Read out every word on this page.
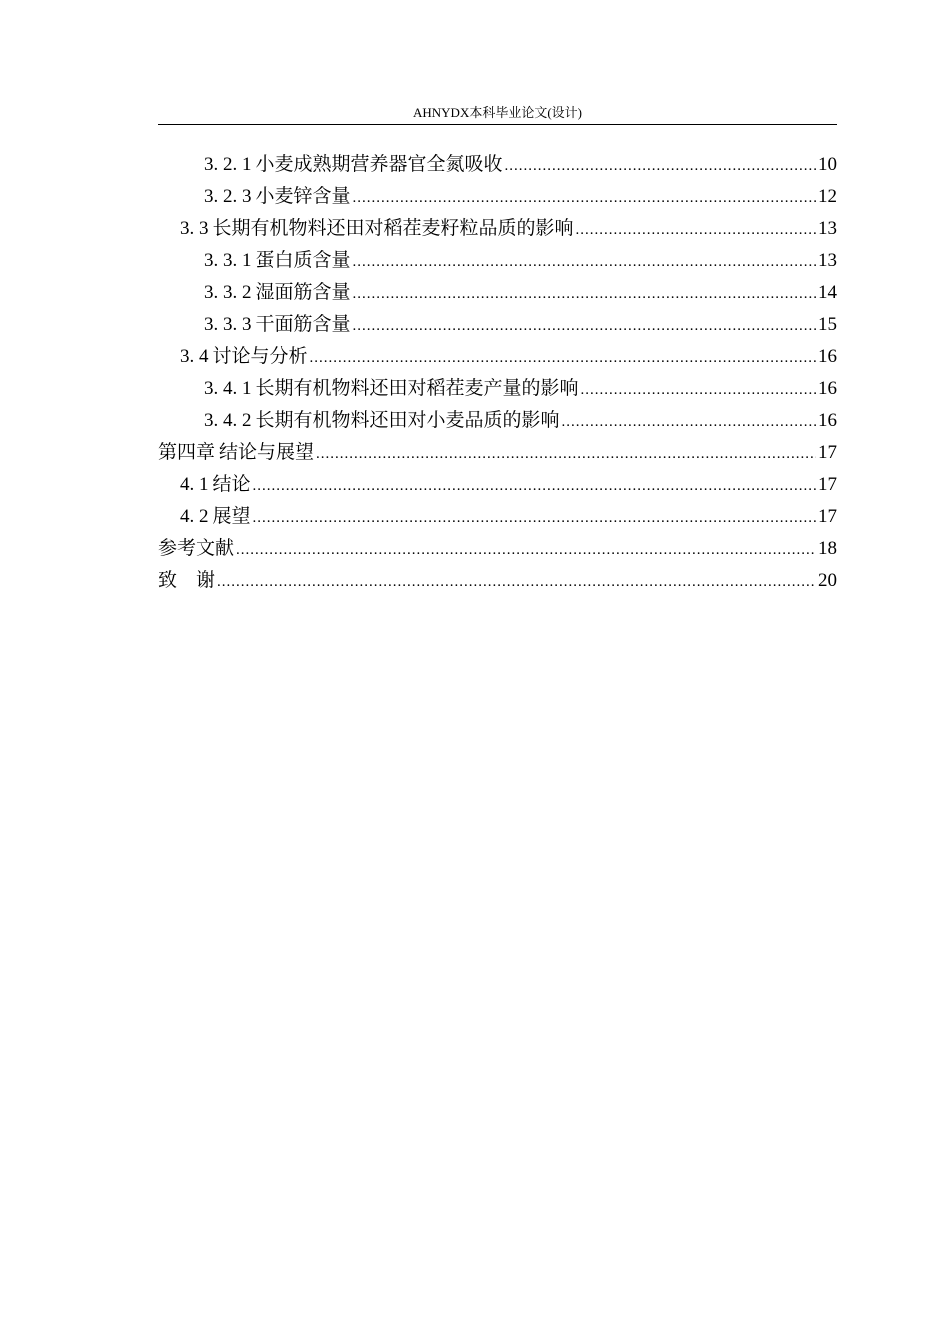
AHNYDX本科毕业论文(设计)
3. 2. 1 小麦成熟期营养器官全氮吸收 .....	10
3. 2. 3 小麦锌含量 .....	12
3. 3 长期有机物料还田对稻茬麦籽粒品质的影响 .....	13
3. 3. 1 蛋白质含量 .....	13
3. 3. 2 湿面筋含量 .....	14
3. 3. 3 干面筋含量 .....	15
3. 4 讨论与分析 .....	16
3. 4. 1 长期有机物料还田对稻茬麦产量的影响 .....	16
3. 4. 2 长期有机物料还田对小麦品质的影响 .....	16
第四章 结论与展望 .....	17
4. 1 结论 .....	17
4. 2 展望 .....	17
参考文献 .....	18
致　谢 .....	20
